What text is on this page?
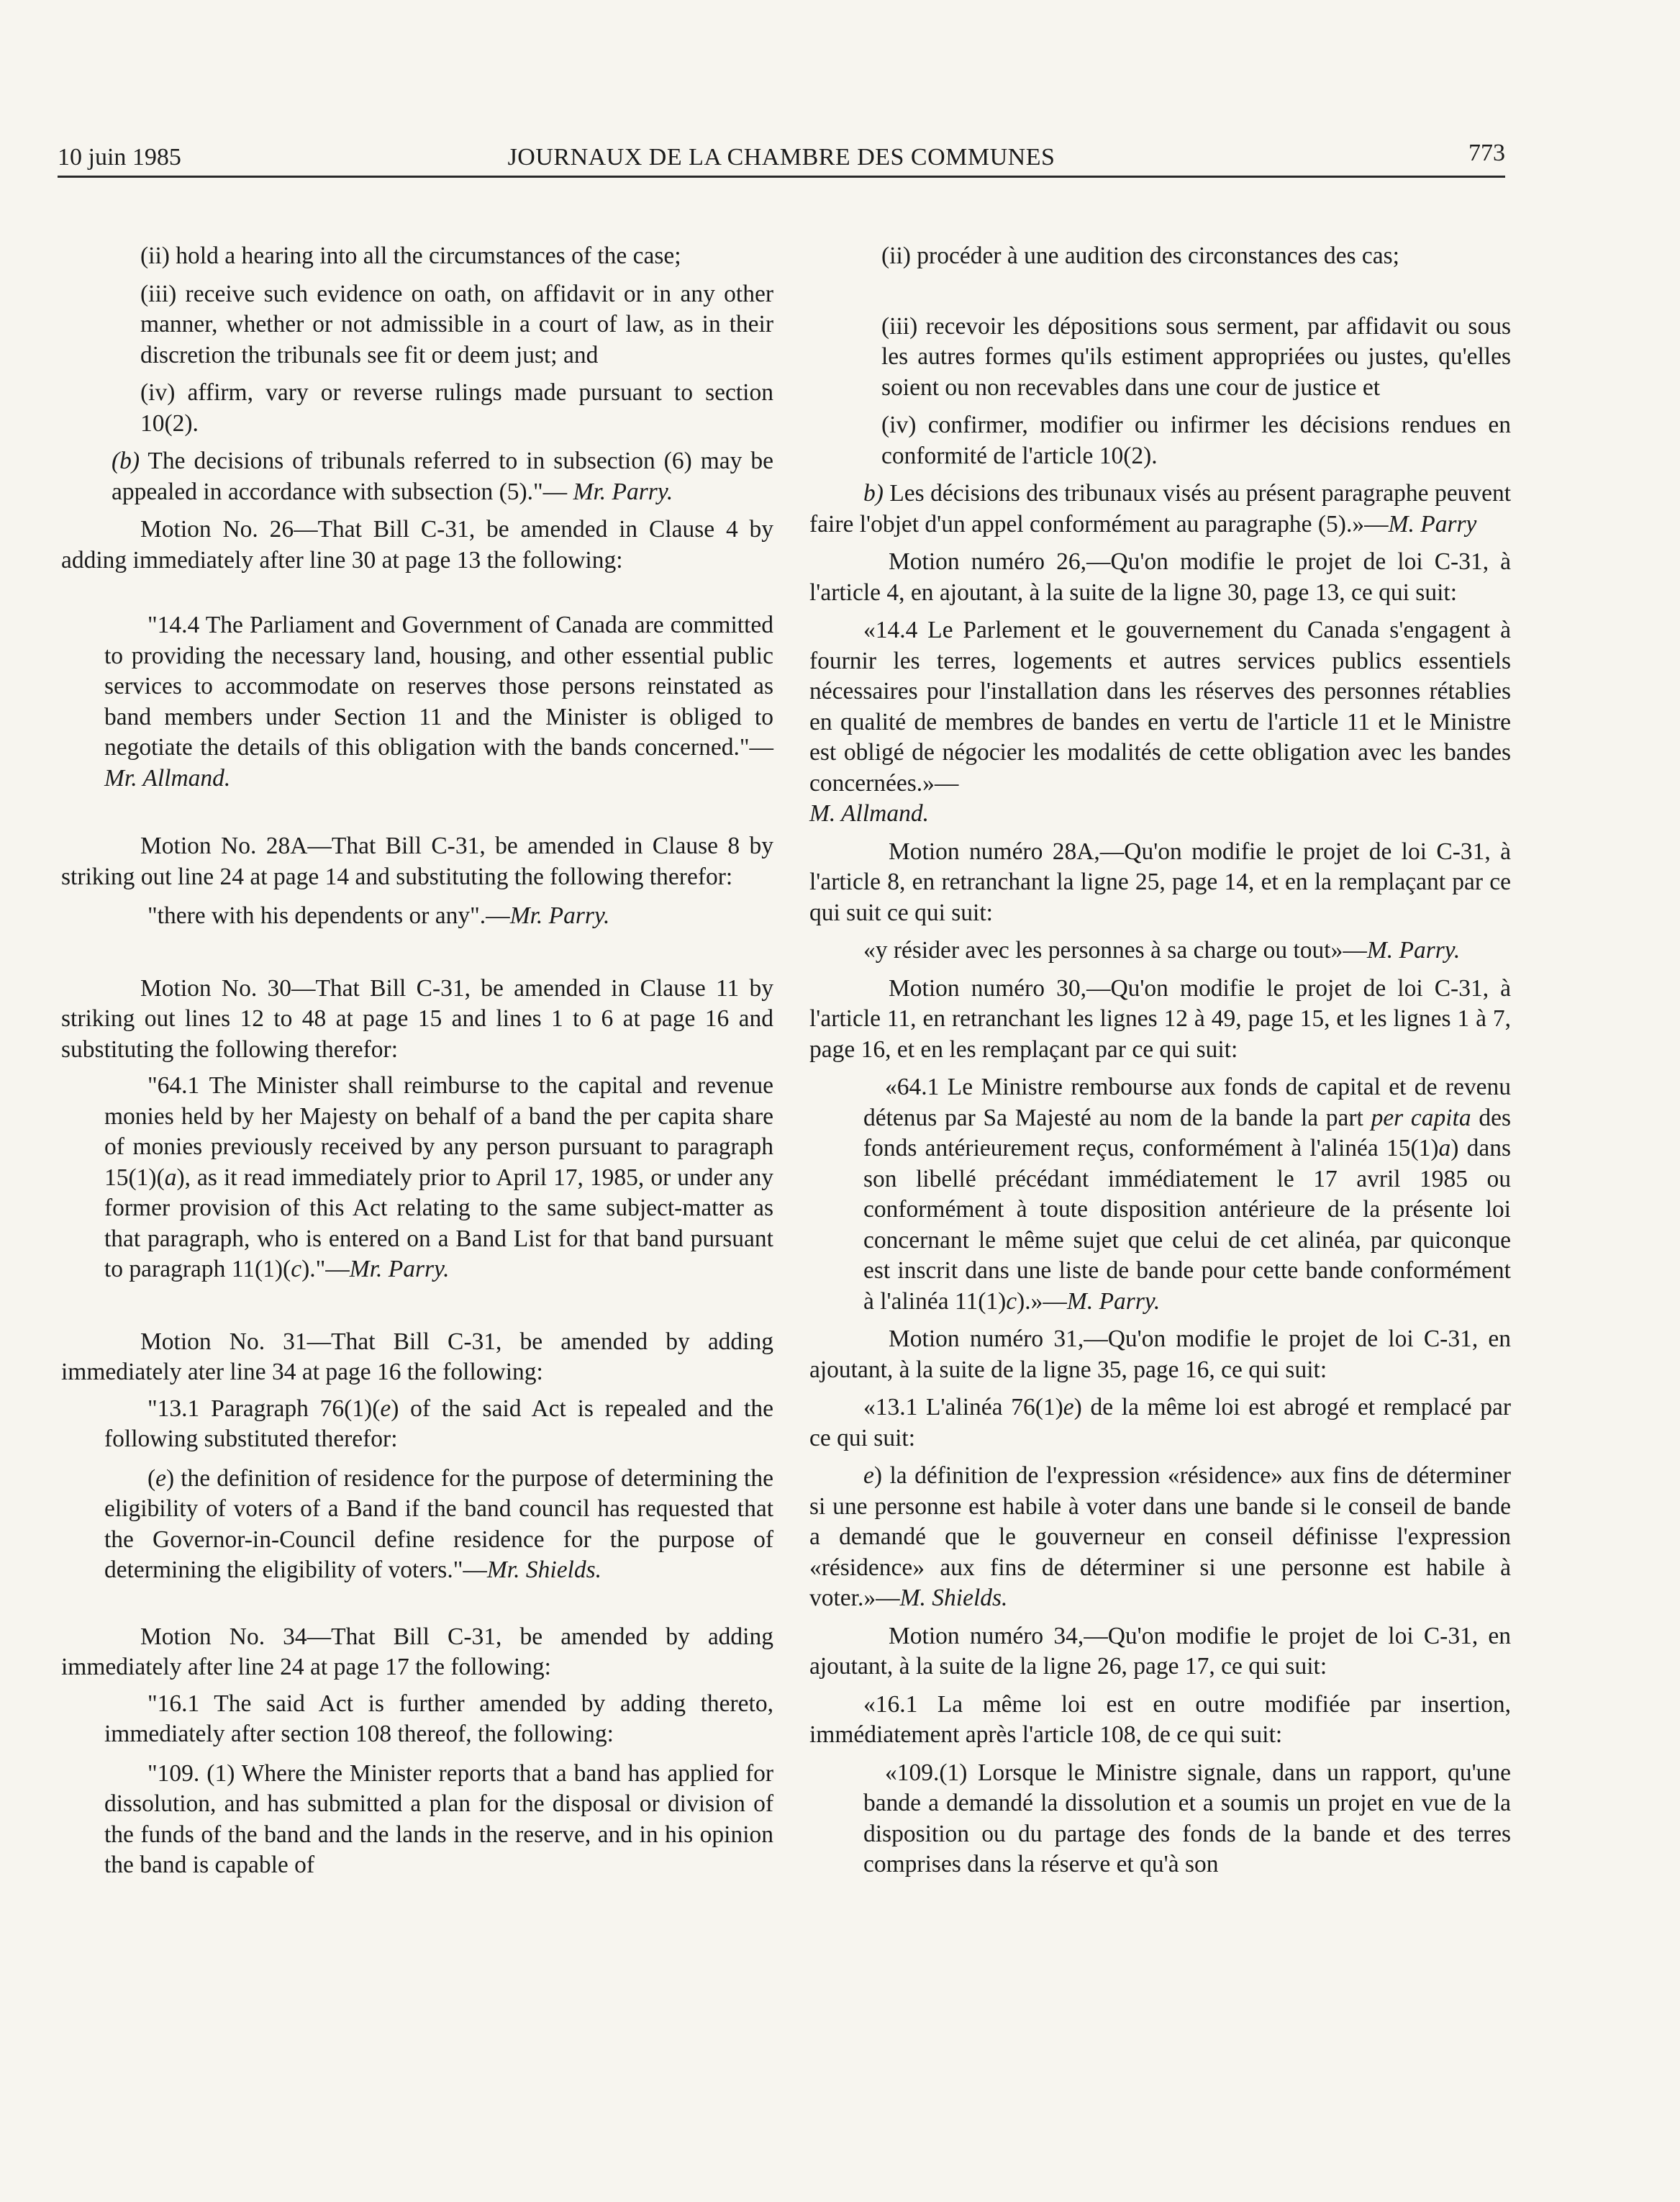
10 juin 1985	JOURNAUX DE LA CHAMBRE DES COMMUNES	773

(ii) hold a hearing into all the circumstances of the case;

(iii) receive such evidence on oath, on affidavit or in any other manner, whether or not admissible in a court of law, as in their discretion the tribunals see fit or deem just; and

(iv) affirm, vary or reverse rulings made pursuant to section 10(2).

(b) The decisions of tribunals referred to in subsection (6) may be appealed in accordance with subsection (5)."— Mr. Parry.

Motion No. 26—That Bill C-31, be amended in Clause 4 by adding immediately after line 30 at page 13 the following:

"14.4 The Parliament and Government of Canada are committed to providing the necessary land, housing, and other essential public services to accommodate on reserves those persons reinstated as band members under Section 11 and the Minister is obliged to negotiate the details of this obligation with the bands concerned."—Mr. Allmand.

Motion No. 28A—That Bill C-31, be amended in Clause 8 by striking out line 24 at page 14 and substituting the following therefor:

"there with his dependents or any".—Mr. Parry.

Motion No. 30—That Bill C-31, be amended in Clause 11 by striking out lines 12 to 48 at page 15 and lines 1 to 6 at page 16 and substituting the following therefor:

"64.1 The Minister shall reimburse to the capital and revenue monies held by her Majesty on behalf of a band the per capita share of monies previously received by any person pursuant to paragraph 15(1)(a), as it read immediately prior to April 17, 1985, or under any former provision of this Act relating to the same subject-matter as that paragraph, who is entered on a Band List for that band pursuant to paragraph 11(1)(c)."—Mr. Parry.

Motion No. 31—That Bill C-31, be amended by adding immediately ater line 34 at page 16 the following:

"13.1 Paragraph 76(1)(e) of the said Act is repealed and the following substituted therefor:

(e) the definition of residence for the purpose of determining the eligibility of voters of a Band if the band council has requested that the Governor-in-Council define residence for the purpose of determining the eligibility of voters."—Mr. Shields.

Motion No. 34—That Bill C-31, be amended by adding immediately after line 24 at page 17 the following:

"16.1 The said Act is further amended by adding thereto, immediately after section 108 thereof, the following:

"109. (1) Where the Minister reports that a band has applied for dissolution, and has submitted a plan for the disposal or division of the funds of the band and the lands in the reserve, and in his opinion the band is capable of

(ii) procéder à une audition des circonstances des cas;

(iii) recevoir les dépositions sous serment, par affidavit ou sous les autres formes qu'ils estiment appropriées ou justes, qu'elles soient ou non recevables dans une cour de justice et

(iv) confirmer, modifier ou infirmer les décisions rendues en conformité de l'article 10(2).

b) Les décisions des tribunaux visés au présent paragraphe peuvent faire l'objet d'un appel conformément au paragraphe (5).»—M. Parry

Motion numéro 26,—Qu'on modifie le projet de loi C-31, à l'article 4, en ajoutant, à la suite de la ligne 30, page 13, ce qui suit:

«14.4 Le Parlement et le gouvernement du Canada s'engagent à fournir les terres, logements et autres services publics essentiels nécessaires pour l'installation dans les réserves des personnes rétablies en qualité de membres de bandes en vertu de l'article 11 et le Ministre est obligé de négocier les modalités de cette obligation avec les bandes concernées.»—
M. Allmand.

Motion numéro 28A,—Qu'on modifie le projet de loi C-31, à l'article 8, en retranchant la ligne 25, page 14, et en la remplaçant par ce qui suit ce qui suit:

«y résider avec les personnes à sa charge ou tout»—M. Parry.

Motion numéro 30,—Qu'on modifie le projet de loi C-31, à l'article 11, en retranchant les lignes 12 à 49, page 15, et les lignes 1 à 7, page 16, et en les remplaçant par ce qui suit:

«64.1 Le Ministre rembourse aux fonds de capital et de revenu détenus par Sa Majesté au nom de la bande la part per capita des fonds antérieurement reçus, conformément à l'alinéa 15(1)a) dans son libellé précédant immédiatement le 17 avril 1985 ou conformément à toute disposition antérieure de la présente loi concernant le même sujet que celui de cet alinéa, par quiconque est inscrit dans une liste de bande pour cette bande conformément à l'alinéa 11(1)c).»—M. Parry.

Motion numéro 31,—Qu'on modifie le projet de loi C-31, en ajoutant, à la suite de la ligne 35, page 16, ce qui suit:

«13.1 L'alinéa 76(1)e) de la même loi est abrogé et remplacé par ce qui suit:

e) la définition de l'expression «résidence» aux fins de déterminer si une personne est habile à voter dans une bande si le conseil de bande a demandé que le gouverneur en conseil définisse l'expression «résidence» aux fins de déterminer si une personne est habile à voter.»—M. Shields.

Motion numéro 34,—Qu'on modifie le projet de loi C-31, en ajoutant, à la suite de la ligne 26, page 17, ce qui suit:

«16.1 La même loi est en outre modifiée par insertion, immédiatement après l'article 108, de ce qui suit:

«109.(1) Lorsque le Ministre signale, dans un rapport, qu'une bande a demandé la dissolution et a soumis un projet en vue de la disposition ou du partage des fonds de la bande et des terres comprises dans la réserve et qu'à son
